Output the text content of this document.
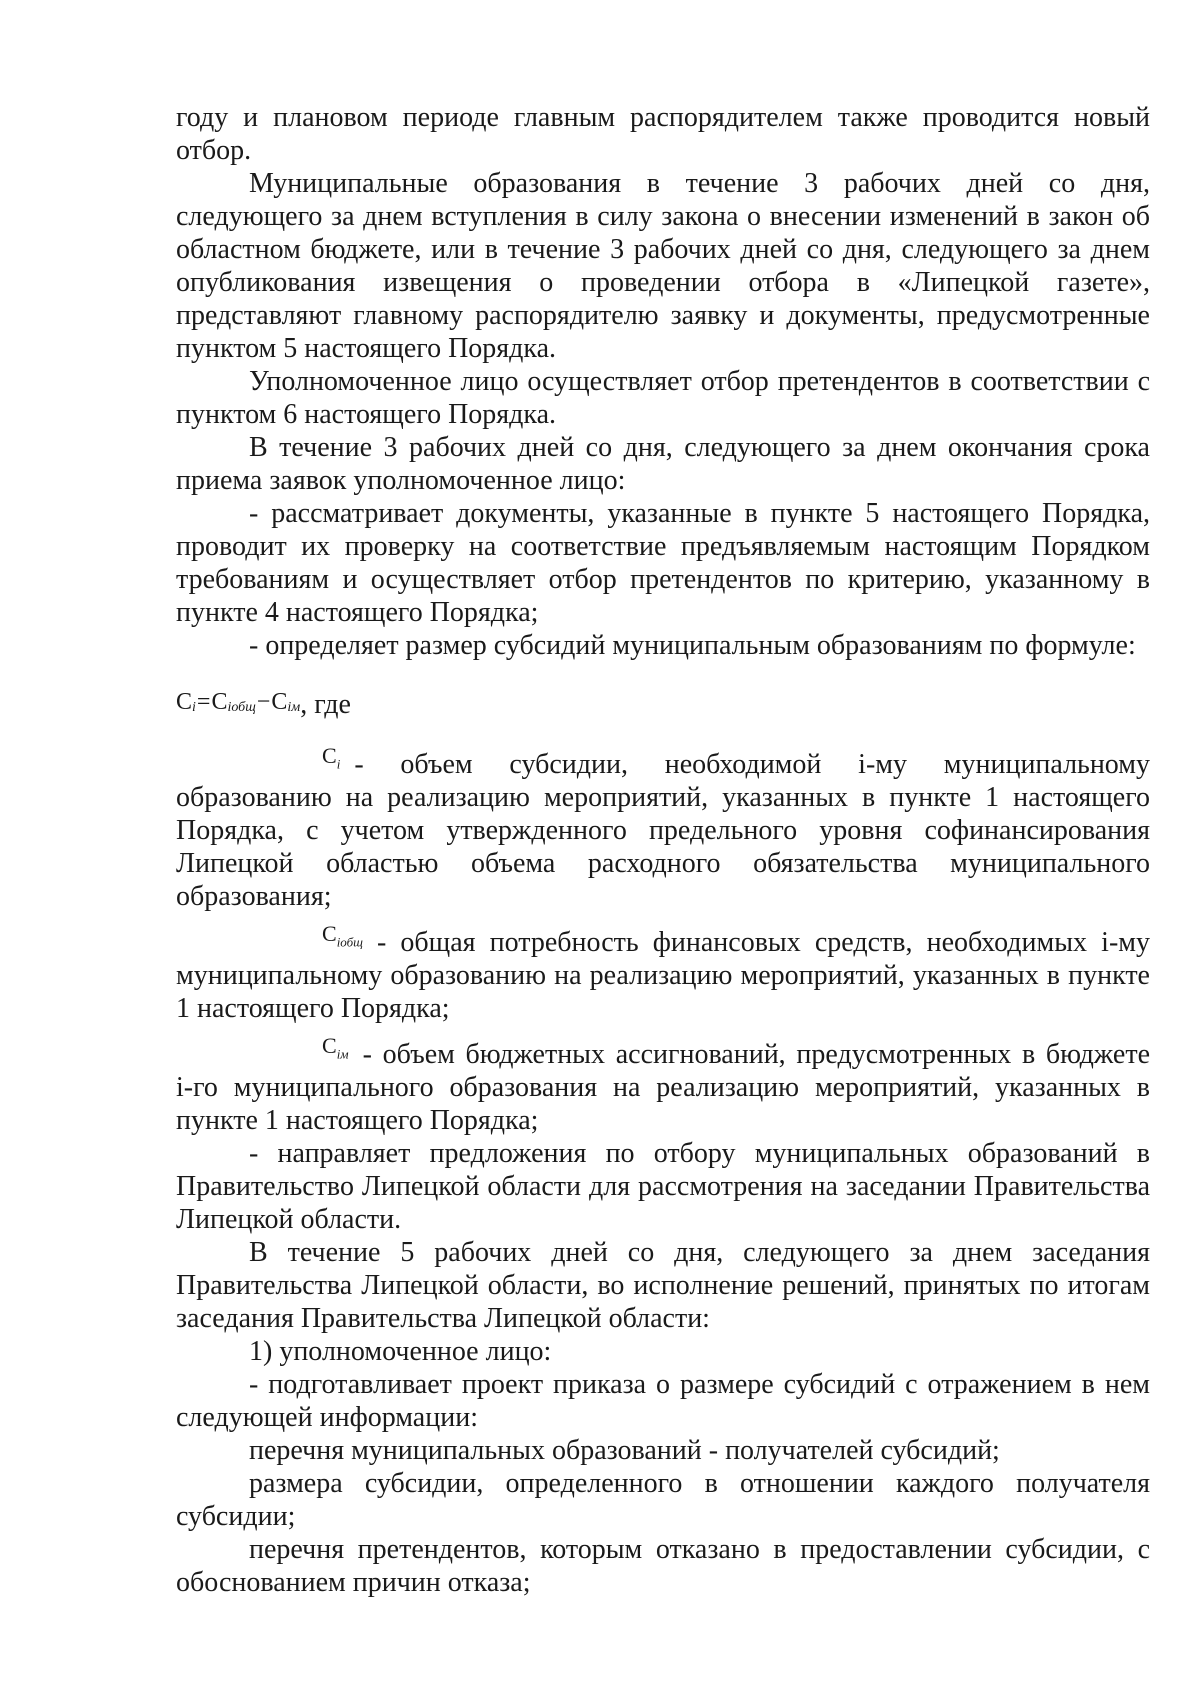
году и плановом периоде главным распорядителем также проводится новый отбор.

Муниципальные образования в течение 3 рабочих дней со дня, следующего за днем вступления в силу закона о внесении изменений в закон об областном бюджете, или в течение 3 рабочих дней со дня, следующего за днем опубликования извещения о проведении отбора в «Липецкой газете», представляют главному распорядителю заявку и документы, предусмотренные пунктом 5 настоящего Порядка.

Уполномоченное лицо осуществляет отбор претендентов в соответствии с пунктом 6 настоящего Порядка.

В течение 3 рабочих дней со дня, следующего за днем окончания срока приема заявок уполномоченное лицо:

- рассматривает документы, указанные в пункте 5 настоящего Порядка, проводит их проверку на соответствие предъявляемым настоящим Порядком требованиям и осуществляет отбор претендентов по критерию, указанному в пункте 4 настоящего Порядка;

- определяет размер субсидий муниципальным образованиям по формуле:

$C_i=C_{iобщ}-C_{iм}$, где

$C_i$ - объем субсидии, необходимой i-му муниципальному образованию на реализацию мероприятий, указанных в пункте 1 настоящего Порядка, с учетом утвержденного предельного уровня софинансирования Липецкой областью объема расходного обязательства муниципального образования;

$C_{iобщ}$ - общая потребность финансовых средств, необходимых i-му муниципальному образованию на реализацию мероприятий, указанных в пункте 1 настоящего Порядка;

$C_{iм}$ - объем бюджетных ассигнований, предусмотренных в бюджете i-го муниципального образования на реализацию мероприятий, указанных в пункте 1 настоящего Порядка;

- направляет предложения по отбору муниципальных образований в Правительство Липецкой области для рассмотрения на заседании Правительства Липецкой области.

В течение 5 рабочих дней со дня, следующего за днем заседания Правительства Липецкой области, во исполнение решений, принятых по итогам заседания Правительства Липецкой области:

1) уполномоченное лицо:

- подготавливает проект приказа о размере субсидий с отражением в нем следующей информации:

перечня муниципальных образований - получателей субсидий;

размера субсидии, определенного в отношении каждого получателя субсидии;

перечня претендентов, которым отказано в предоставлении субсидии, с обоснованием причин отказа;
